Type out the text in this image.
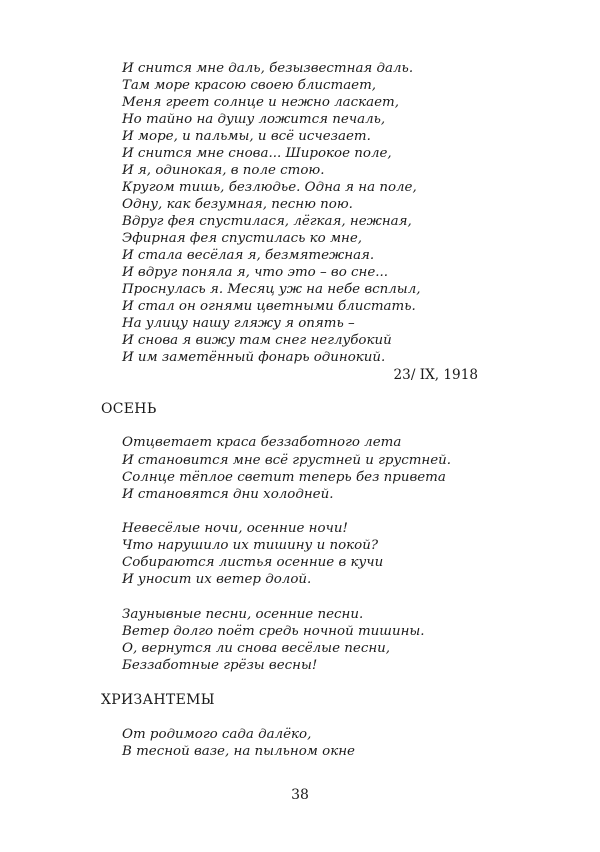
И снится мне даль, безызвестная даль.
Там море красою своею блистает,
Меня греет солнце и нежно ласкает,
Но тайно на душу ложится печаль,
И море, и пальмы, и всё исчезает.
И снится мне снова... Широкое поле,
И я, одинокая, в поле стою.
Кругом тишь, безлюдье. Одна я на поле,
Одну, как безумная, песню пою.
Вдруг фея спустилася, лёгкая, нежная,
Эфирная фея спустилась ко мне,
И стала весёлая я, безмятежная.
И вдруг поняла я, что это – во сне...
Проснулась я. Месяц уж на небе всплыл,
И стал он огнями цветными блистать.
На улицу нашу гляжу я опять –
И снова я вижу там снег неглубокий
И им заметённый фонарь одинокий.
23/ IX, 1918
ОСЕНЬ
Отцветает краса беззаботного лета
И становится мне всё грустней и грустней.
Солнце тёплое светит теперь без привета
И становятся дни холодней.
Невесёлые ночи, осенние ночи!
Что нарушило их тишину и покой?
Собираются листья осенние в кучи
И уносит их ветер долой.
Заунывные песни, осенние песни.
Ветер долго поёт средь ночной тишины.
О, вернутся ли снова весёлые песни,
Беззаботные грёзы весны!
ХРИЗАНТЕМЫ
От родимого сада далёко,
В тесной вазе, на пыльном окне
38
